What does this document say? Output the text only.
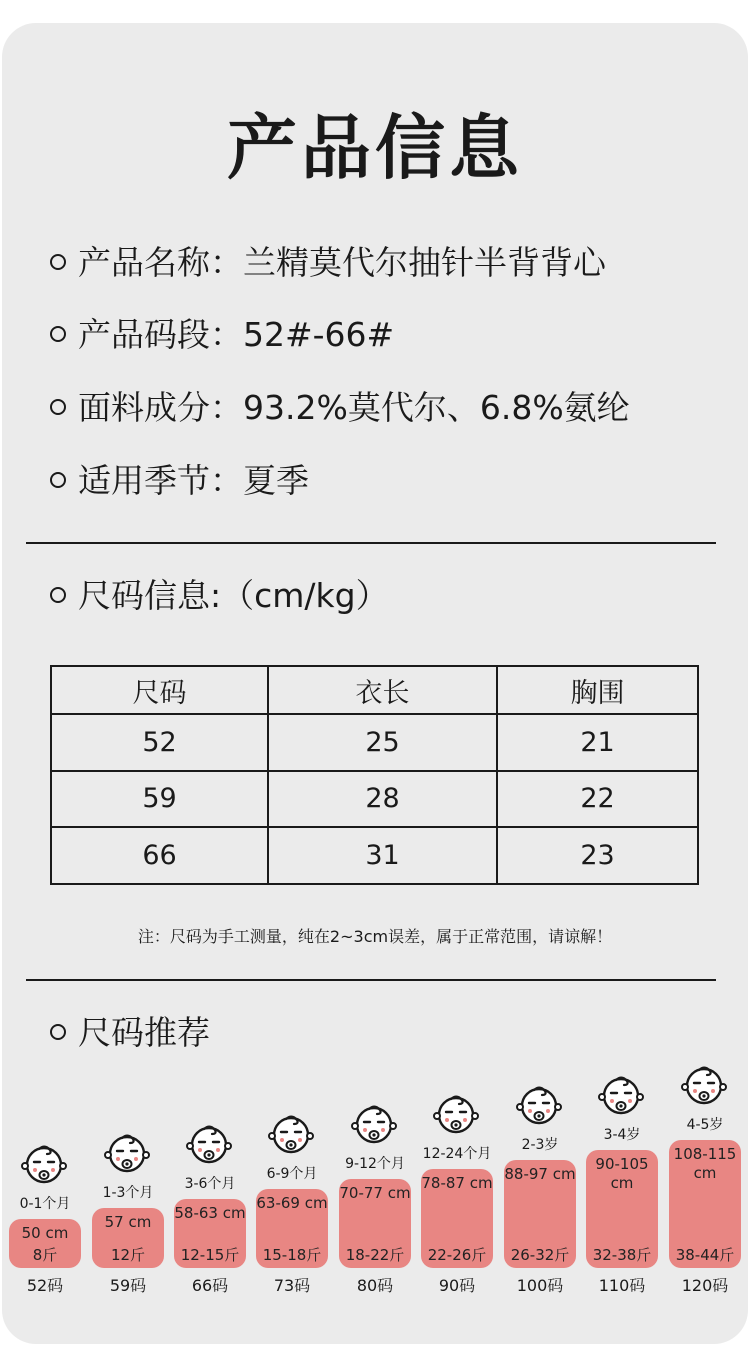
产品信息
产品名称：兰精莫代尔抽针半背背心
产品码段：52#-66#
面料成分：93.2%莫代尔、6.8%氨纶
适用季节：夏季
尺码信息:（cm/kg）
尺码	衣长	胸围
52	25	21
59	28	22
66	31	23
注：尺码为手工测量，纯在2~3cm误差，属于正常范围，请谅解！
尺码推荐
0-1个月
50 cm
8斤
52码
1-3个月
57 cm
12斤
59码
3-6个月
58-63 cm
12-15斤
66码
6-9个月
63-69 cm
15-18斤
73码
9-12个月
70-77 cm
18-22斤
80码
12-24个月
78-87 cm
22-26斤
90码
2-3岁
88-97 cm
26-32斤
100码
3-4岁
90-105 cm
32-38斤
110码
4-5岁
108-115 cm
38-44斤
120码
